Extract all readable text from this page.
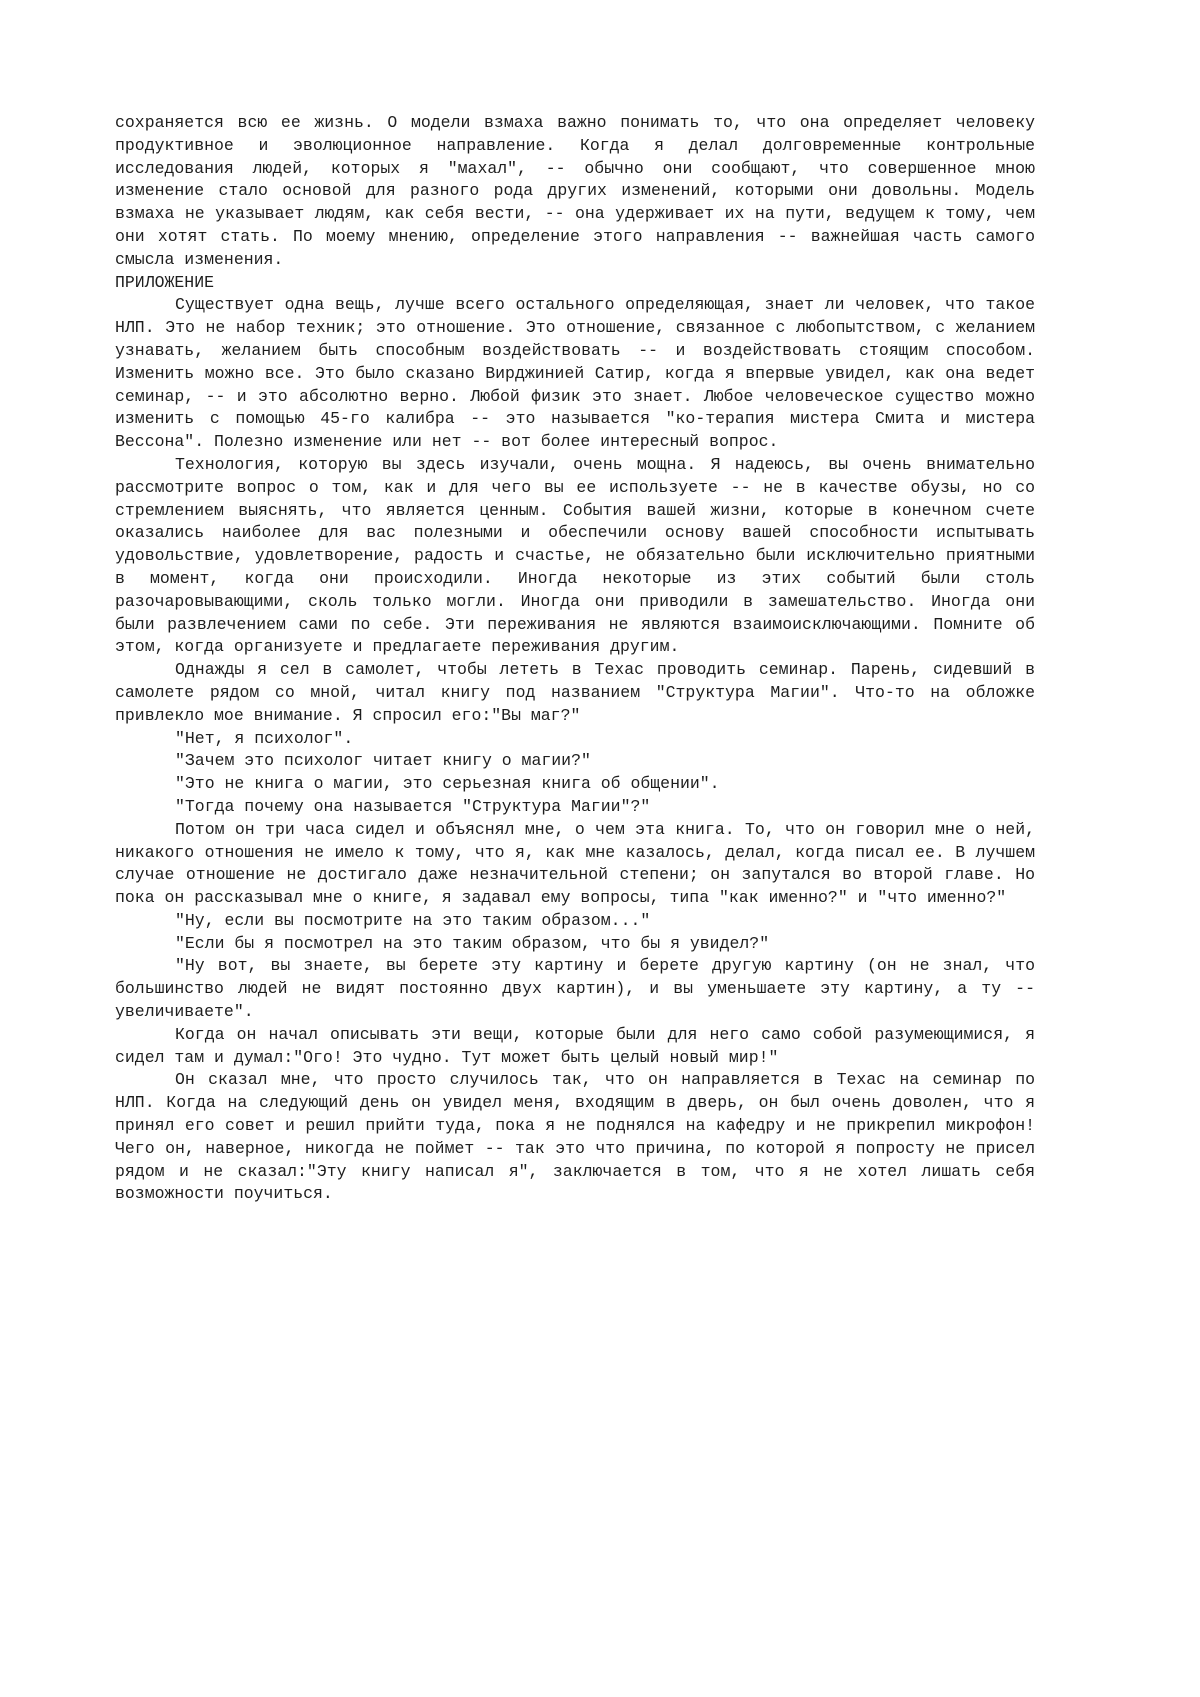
сохраняется всю ее жизнь. О модели взмаха важно понимать то, что она определяет человеку продуктивное и эволюционное направление. Когда я делал долговременные контрольные исследования людей, которых я "махал", -- обычно они сообщают, что совершенное мною изменение стало основой для разного рода других изменений, которыми они довольны. Модель взмаха не указывает людям, как себя вести, -- она удерживает их на пути, ведущем к тому, чем они хотят стать. По моему мнению, определение этого направления -- важнейшая часть самого смысла изменения.

ПРИЛОЖЕНИЕ

Существует одна вещь, лучше всего остального определяющая, знает ли человек, что такое НЛП. Это не набор техник; это отношение. Это отношение, связанное с любопытством, с желанием узнавать, желанием быть способным воздействовать -- и воздействовать стоящим способом. Изменить можно все. Это было сказано Вирджинией Сатир, когда я впервые увидел, как она ведет семинар, -- и это абсолютно верно. Любой физик это знает. Любое человеческое существо можно изменить с помощью 45-го калибра -- это называется "ко-терапия мистера Смита и мистера Вессона". Полезно изменение или нет -- вот более интересный вопрос.

Технология, которую вы здесь изучали, очень мощна. Я надеюсь, вы очень внимательно рассмотрите вопрос о том, как и для чего вы ее используете -- не в качестве обузы, но со стремлением выяснять, что является ценным. События вашей жизни, которые в конечном счете оказались наиболее для вас полезными и обеспечили основу вашей способности испытывать удовольствие, удовлетворение, радость и счастье, не обязательно были исключительно приятными в момент, когда они происходили. Иногда некоторые из этих событий были столь разочаровывающими, сколь только могли. Иногда они приводили в замешательство. Иногда они были развлечением сами по себе. Эти переживания не являются взаимоисключающими. Помните об этом, когда организуете и предлагаете переживания другим.

Однажды я сел в самолет, чтобы лететь в Техас проводить семинар. Парень, сидевший в самолете рядом со мной, читал книгу под названием "Структура Магии". Что-то на обложке привлекло мое внимание. Я спросил его:"Вы маг?"

"Нет, я психолог".

"Зачем это психолог читает книгу о магии?"

"Это не книга о магии, это серьезная книга об общении".

"Тогда почему она называется "Структура Магии"?"

Потом он три часа сидел и объяснял мне, о чем эта книга. То, что он говорил мне о ней, никакого отношения не имело к тому, что я, как мне казалось, делал, когда писал ее. В лучшем случае отношение не достигало даже незначительной степени; он запутался во второй главе. Но пока он рассказывал мне о книге, я задавал ему вопросы, типа "как именно?" и "что именно?"

"Ну, если вы посмотрите на это таким образом..."

"Если бы я посмотрел на это таким образом, что бы я увидел?"

"Ну вот, вы знаете, вы берете эту картину и берете другую картину (он не знал, что большинство людей не видят постоянно двух картин), и вы уменьшаете эту картину, а ту -- увеличиваете".

Когда он начал описывать эти вещи, которые были для него само собой разумеющимися, я сидел там и думал:"Ого! Это чудно. Тут может быть целый новый мир!"

Он сказал мне, что просто случилось так, что он направляется в Техас на семинар по НЛП. Когда на следующий день он увидел меня, входящим в дверь, он был очень доволен, что я принял его совет и решил прийти туда, пока я не поднялся на кафедру и не прикрепил микрофон! Чего он, наверное, никогда не поймет -- так это что причина, по которой я попросту не присел рядом и не сказал:"Эту книгу написал я", заключается в том, что я не хотел лишать себя возможности поучиться.
